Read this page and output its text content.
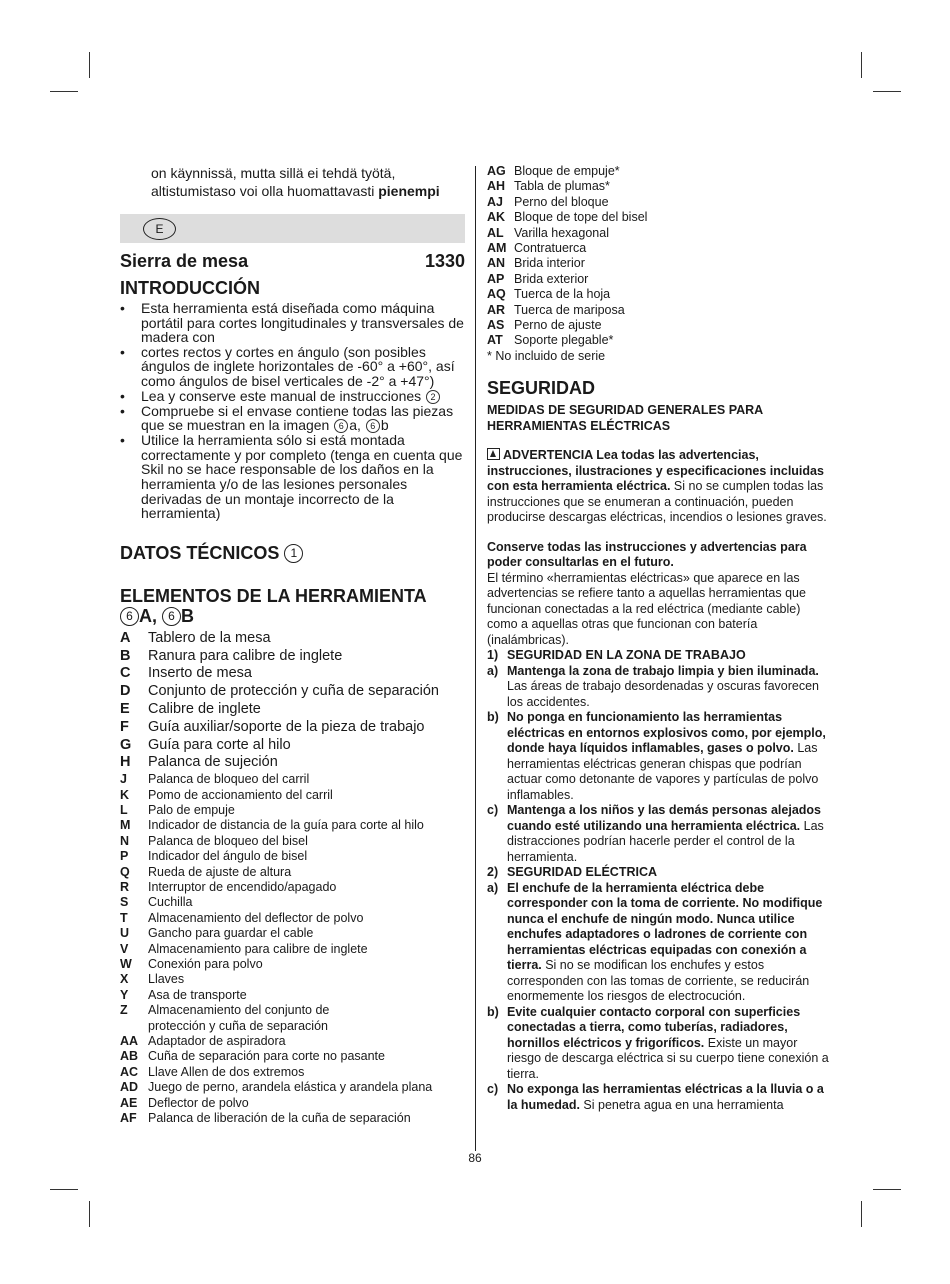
on käynnissä, mutta sillä ei tehdä työtä,
altistumistaso voi olla huomattavasti pienempi
E
Sierra de mesa	1330
INTRODUCCIÓN
• Esta herramienta está diseñada como máquina portátil para cortes longitudinales y transversales de madera con
• cortes rectos y cortes en ángulo (son posibles ángulos de inglete horizontales de -60° a +60°, así como ángulos de bisel verticales de -2° a +47°)
• Lea y conserve este manual de instrucciones 2
• Compruebe si el envase contiene todas las piezas que se muestran en la imagen 6 a, 6 b
• Utilice la herramienta sólo si está montada correctamente y por completo (tenga en cuenta que Skil no se hace responsable de los daños en la herramienta y/o de las lesiones personales derivadas de un montaje incorrecto de la herramienta)
DATOS TÉCNICOS 1
ELEMENTOS DE LA HERRAMIENTA
6 A, 6 B
A	Tablero de la mesa
B	Ranura para calibre de inglete
C	Inserto de mesa
D	Conjunto de protección y cuña de separación
E	Calibre de inglete
F	Guía auxiliar/soporte de la pieza de trabajo
G	Guía para corte al hilo
H	Palanca de sujeción
J	Palanca de bloqueo del carril
K	Pomo de accionamiento del carril
L	Palo de empuje
M	Indicador de distancia de la guía para corte al hilo
N	Palanca de bloqueo del bisel
P	Indicador del ángulo de bisel
Q	Rueda de ajuste de altura
R	Interruptor de encendido/apagado
S	Cuchilla
T	Almacenamiento del deflector de polvo
U	Gancho para guardar el cable
V	Almacenamiento para calibre de inglete
W	Conexión para polvo
X	Llaves
Y	Asa de transporte
Z	Almacenamiento del conjunto de
protección y cuña de separación
AA Adaptador de aspiradora
AB Cuña de separación para corte no pasante
AC Llave Allen de dos extremos
AD Juego de perno, arandela elástica y arandela plana
AE Deflector de polvo
AF Palanca de liberación de la cuña de separación
AG Bloque de empuje*
AH Tabla de plumas*
AJ Perno del bloque
AK Bloque de tope del bisel
AL Varilla hexagonal
AM Contratuerca
AN Brida interior
AP Brida exterior
AQ Tuerca de la hoja
AR Tuerca de mariposa
AS Perno de ajuste
AT Soporte plegable*
* No incluido de serie
SEGURIDAD
MEDIDAS DE SEGURIDAD GENERALES PARA
HERRAMIENTAS ELÉCTRICAS
ADVERTENCIA Lea todas las advertencias, instrucciones, ilustraciones y especificaciones incluidas con esta herramienta eléctrica. Si no se cumplen todas las instrucciones que se enumeran a continuación, pueden producirse descargas eléctricas, incendios o lesiones graves.
Conserve todas las instrucciones y advertencias para poder consultarlas en el futuro.
El término «herramientas eléctricas» que aparece en las advertencias se refiere tanto a aquellas herramientas que funcionan conectadas a la red eléctrica (mediante cable) como a aquellas otras que funcionan con batería (inalámbricas).
1) SEGURIDAD EN LA ZONA DE TRABAJO
a) Mantenga la zona de trabajo limpia y bien iluminada. Las áreas de trabajo desordenadas y oscuras favorecen los accidentes.
b) No ponga en funcionamiento las herramientas eléctricas en entornos explosivos como, por ejemplo, donde haya líquidos inflamables, gases o polvo. Las herramientas eléctricas generan chispas que podrían actuar como detonante de vapores y partículas de polvo inflamables.
c) Mantenga a los niños y las demás personas alejados cuando esté utilizando una herramienta eléctrica. Las distracciones podrían hacerle perder el control de la herramienta.
2) SEGURIDAD ELÉCTRICA
a) El enchufe de la herramienta eléctrica debe corresponder con la toma de corriente. No modifique nunca el enchufe de ningún modo. Nunca utilice enchufes adaptadores o ladrones de corriente con herramientas eléctricas equipadas con conexión a tierra. Si no se modifican los enchufes y estos corresponden con las tomas de corriente, se reducirán enormemente los riesgos de electrocución.
b) Evite cualquier contacto corporal con superficies conectadas a tierra, como tuberías, radiadores, hornillos eléctricos y frigoríficos. Existe un mayor riesgo de descarga eléctrica si su cuerpo tiene conexión a tierra.
c) No exponga las herramientas eléctricas a la lluvia o a la humedad. Si penetra agua en una herramienta
86
